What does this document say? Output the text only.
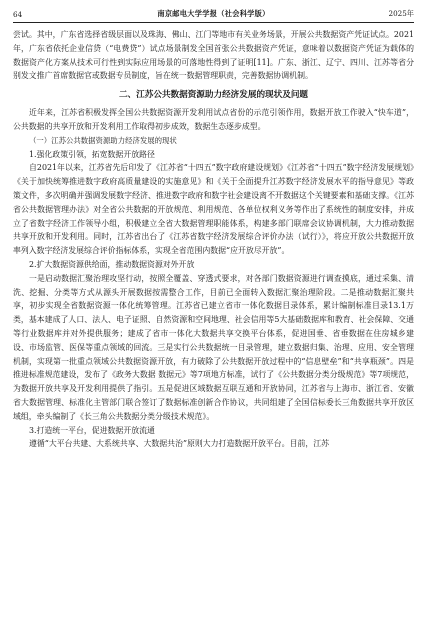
64	南京邮电大学学报（社会科学版）	2025年

尝试。其中，广东省选择省级层面以及珠海、佛山、江门等地市有关业务场景，开展公共数据资产凭证试点。2021年，广东省依托企业信贷（“电费贷”）试点场景制发全国首张公共数据资产凭证，意味着以数据资产凭证为载体的数据资产化方案从技术可行性到实际应用场景的可落地性得到了证明[11]。广东、浙江、辽宁、四川、江苏等省分别发文推广首席数据官或数据专员制度，旨在统一数据管理职责，完善数据协调机制。

二、江苏公共数据资源助力经济发展的现状及问题

近年来，江苏省积极发挥全国公共数据资源开发利用试点省份的示范引领作用，数据开放工作驶入“快车道”，公共数据的共享开放和开发利用工作取得初步成效，数据生态逐步成型。

（一）江苏公共数据资源助力经济发展的现状

1.强化政策引领，拓宽数据开放路径

自2021年以来，江苏省先后印发了《江苏省“十四五”数字政府建设规划》《江苏省“十四五”数字经济发展规划》《关于加快统筹推进数字政府高质量建设的实施意见》和《关于全面提升江苏数字经济发展水平的指导意见》等政策文件，多次明确并强调发展数字经济、推进数字政府和数字社会建设离不开数据这个关键要素和基础支撑。《江苏省公共数据管理办法》对全省公共数据的开放规范、利用规范、各单位权利义务等作出了系统性的制度安排，并成立了省数字经济工作领导小组，积极建立全省大数据管理职能体系，构建多部门联席会议协调机制，大力推动数据共享开放和开发利用。同时，江苏省出台了《江苏省数字经济发展综合评价办法（试行）》，将应开放公共数据开放率列入数字经济发展综合评价指标体系，实现全省范围内数据“应开放尽开放”。

2.扩大数据资源供给面，推动数据资源对外开放

一是启动数据汇聚治理攻坚行动，按照全覆盖、穿透式要求，对各部门数据资源进行调查摸底，通过采集、清洗、挖掘、分类等方式从源头开展数据按需整合工作，目前已全面转入数据汇聚治理阶段。二是推动数据汇聚共享，初步实现全省数据资源一体化统筹管理。江苏省已建立省市一体化数据目录体系，累计编制标准目录13.1万类，基本建成了人口、法人、电子证照、自然资源和空间地理、社会信用等5大基础数据库和教育、社会保障、交通等行业数据库并对外提供服务；建成了省市一体化大数据共享交换平台体系，促进国垂、省垂数据在住房城乡建设、市场监管、医保等重点领域的回流。三是实行公共数据统一目录管理，建立数据归集、治理、应用、安全管理机制，实现第一批重点领域公共数据资源开放，有力破除了公共数据开放过程中的“信息壁垒”和“共享瓶颈”。四是推进标准规范建设，发布了《政务大数据 数据元》等7项地方标准，试行了《公共数据分类分级规范》等7项规范，为数据开放共享及开发利用提供了指引。五是促进区域数据互联互通和开放协同，江苏省与上海市、浙江省、安徽省大数据管理、标准化主管部门联合签订了数据标准创新合作协议，共同组建了全国信标委长三角数据共享开放区域组，牵头编制了《长三角公共数据分类分级技术规范》。

3.打造统一平台，促进数据开放流通

遵循“大平台共建、大系统共享、大数据共治”原则大力打造数据开放平台。目前，江苏
